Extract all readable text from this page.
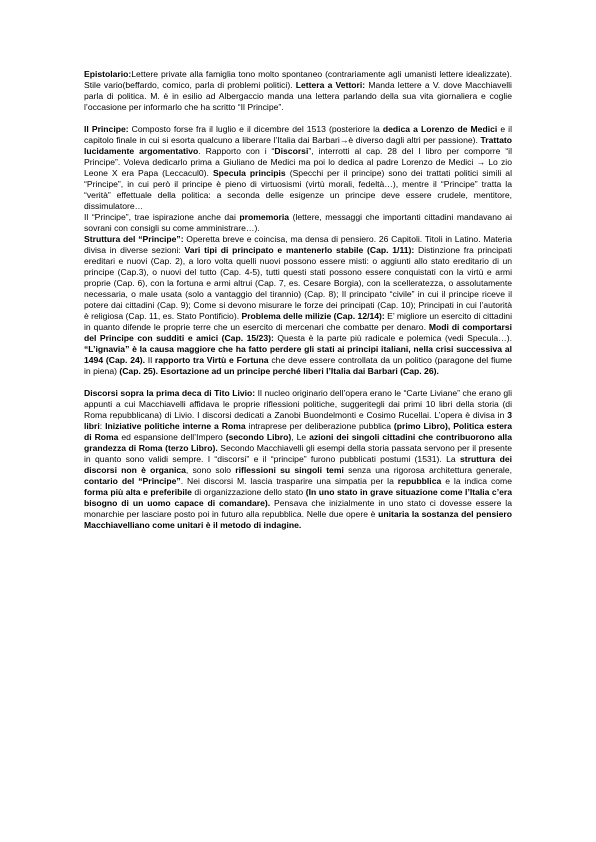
Epistolario:Lettere private alla famiglia tono molto spontaneo (contrariamente agli umanisti lettere idealizzate). Stile vario(beffardo, comico, parla di problemi politici). Lettera a Vettori: Manda lettere a V. dove Macchiavelli parla di politica. M. è in esilio ad Albergaccio manda una lettera parlando della sua vita giornaliera e coglie l’occasione per informarlo che ha scritto “Il Principe”.

Il Principe: Composto forse fra il luglio e il dicembre del 1513 (posteriore la dedica a Lorenzo de Medici e il capitolo finale in cui si esorta qualcuno a liberare l’Italia dai Barbari→è diverso dagli altri per passione). Trattato lucidamente argomentativo. Rapporto con i “Discorsi”, interrotti al cap. 28 del I libro per comporre “il Principe”. Voleva dedicarlo prima a Giuliano de Medici ma poi lo dedica al padre Lorenzo de Medici → Lo zio Leone X era Papa (Leccacul0). Specula principis (Specchi per il principe) sono dei trattati politici simili al “Principe”, in cui però il principe è pieno di virtuosismi (virtù morali, fedeltà…), mentre il “Principe” tratta la “verità” effettuale della politica: a seconda delle esigenze un principe deve essere crudele, mentitore, dissimulatore…

Il “Principe”, trae ispirazione anche dai promemoria (lettere, messaggi che importanti cittadini mandavano ai sovrani con consigli su come amministrare…).

Struttura del “Principe”: Operetta breve e coincisa, ma densa di pensiero. 26 Capitoli. Titoli in Latino. Materia divisa in diverse sezioni: Vari tipi di principato e mantenerlo stabile (Cap. 1/11): Distinzione fra principati ereditari e nuovi (Cap. 2), a loro volta quelli nuovi possono essere misti: o aggiunti allo stato ereditario di un principe (Cap.3), o nuovi del tutto (Cap. 4-5), tutti questi stati possono essere conquistati con la virtù e armi proprie (Cap. 6), con la fortuna e armi altrui (Cap. 7, es. Cesare Borgia), con la scelleratezza, o assolutamente necessaria, o male usata (solo a vantaggio del tirannio) (Cap. 8); Il principato “civile” in cui il principe riceve il potere dai cittadini (Cap. 9); Come si devono misurare le forze dei principati (Cap. 10); Principati in cui l’autorità è religiosa (Cap. 11, es. Stato Pontificio). Problema delle milizie (Cap. 12/14): E’ migliore un esercito di cittadini in quanto difende le proprie terre che un esercito di mercenari che combatte per denaro. Modi di comportarsi del Principe con sudditi e amici (Cap. 15/23): Questa è la parte più radicale e polemica (vedi Specula…). “L’ignavia” è la causa maggiore che ha fatto perdere gli stati ai principi italiani, nella crisi successiva al 1494 (Cap. 24). Il rapporto tra Virtù e Fortuna che deve essere controllata da un politico (paragone del fiume in piena) (Cap. 25). Esortazione ad un principe perché liberi l’Italia dai Barbari (Cap. 26).

Discorsi sopra la prima deca di Tito Livio: Il nucleo originario dell’opera erano le “Carte Liviane” che erano gli appunti a cui Macchiavelli affidava le proprie riflessioni politiche, suggeritegli dai primi 10 libri della storia (di Roma repubblicana) di Livio. I discorsi dedicati a Zanobi Buondelmonti e Cosimo Rucellai. L’opera è divisa in 3 libri: Iniziative politiche interne a Roma intraprese per deliberazione pubblica (primo Libro), Politica estera di Roma ed espansione dell’Impero (secondo Libro), Le azioni dei singoli cittadini che contribuorono alla grandezza di Roma (terzo Libro). Secondo Macchiavelli gli esempi della storia passata servono per il presente in quanto sono validi sempre. I “discorsi” e il “principe” furono pubblicati postumi (1531). La struttura dei discorsi non è organica, sono solo riflessioni su singoli temi senza una rigorosa architettura generale, contario del “Principe”. Nei discorsi M. lascia trasparire una simpatia per la repubblica e la indica come forma più alta e preferibile di organizzazione dello stato (In uno stato in grave situazione come l’Italia c’era bisogno di un uomo capace di comandare). Pensava che inizialmente in uno stato ci dovesse essere la monarchie per lasciare posto poi in futuro alla repubblica. Nelle due opere è unitaria la sostanza del pensiero Macchiavelliano come unitari è il metodo di indagine.
